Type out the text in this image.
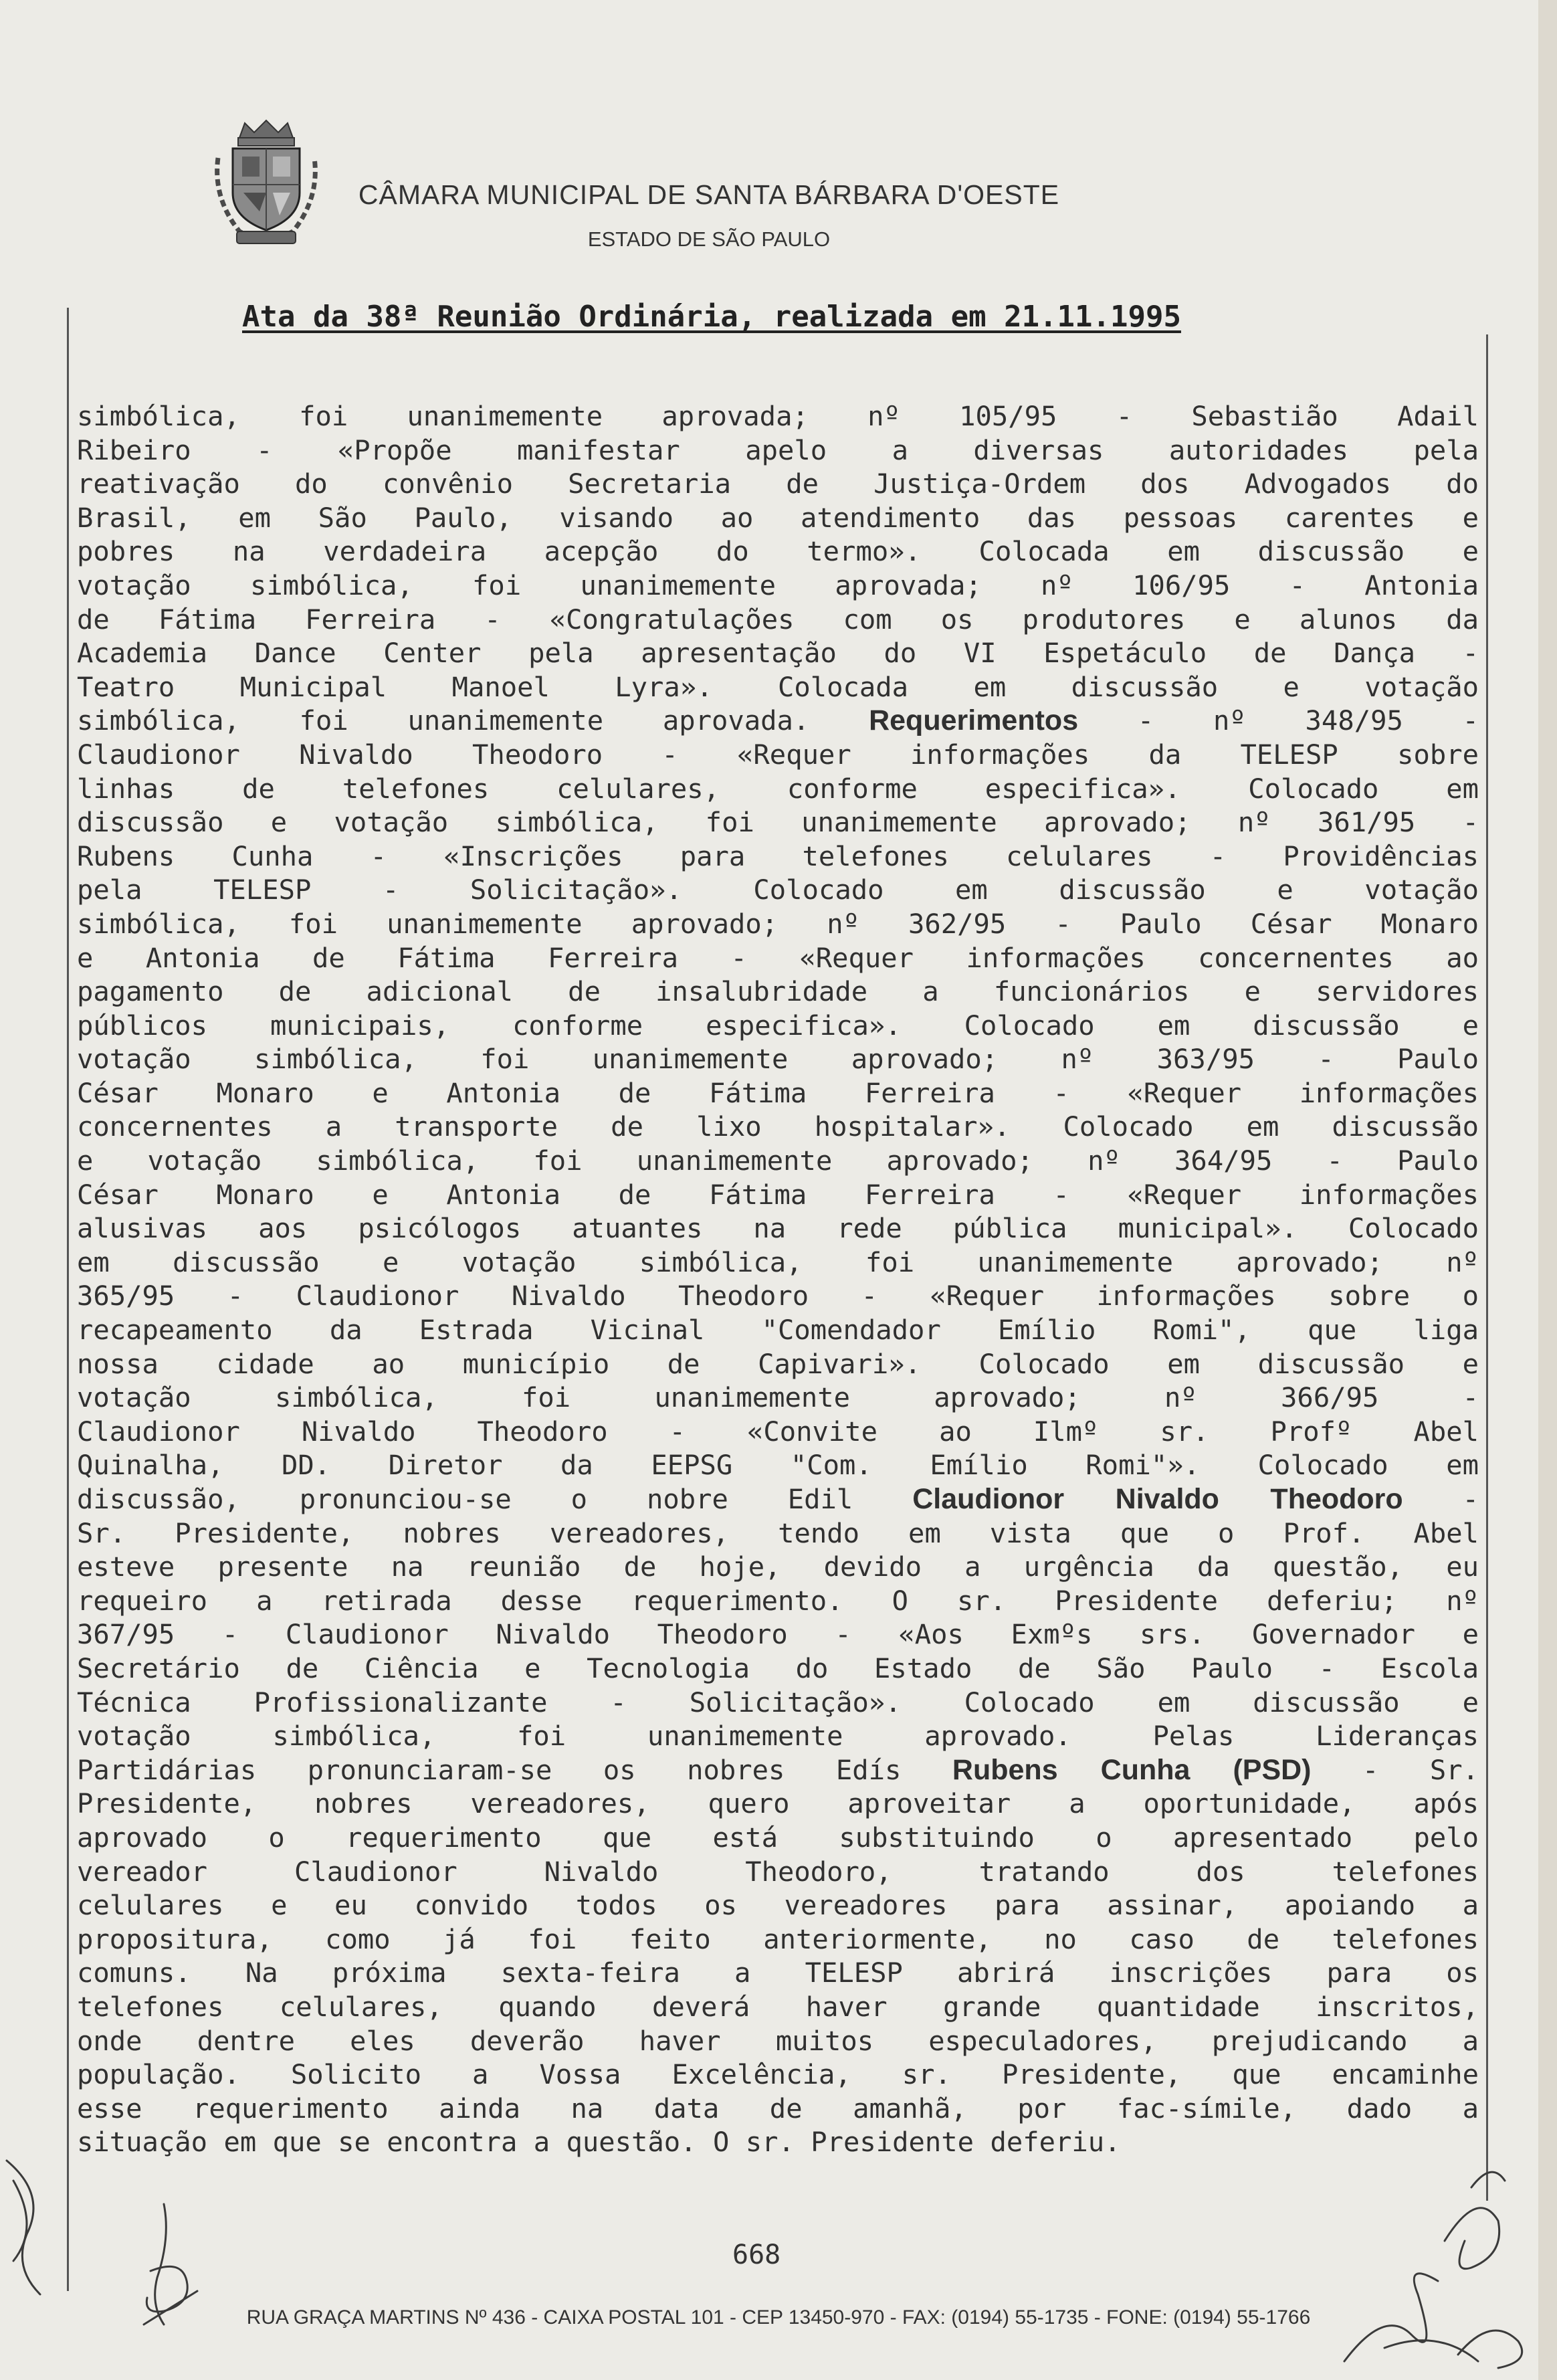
CÂMARA MUNICIPAL DE SANTA BÁRBARA D'OESTE
ESTADO DE SÃO PAULO
Ata da 38ª Reunião Ordinária, realizada em 21.11.1995
simbólica, foi unanimemente aprovada; nº 105/95 - Sebastião Adail
Ribeiro - «Propõe manifestar apelo a diversas autoridades pela
reativação do convênio Secretaria de Justiça-Ordem dos Advogados do
Brasil, em São Paulo, visando ao atendimento das pessoas carentes e
pobres na verdadeira acepção do termo». Colocada em discussão e
votação simbólica, foi unanimemente aprovada; nº 106/95 - Antonia
de Fátima Ferreira - «Congratulações com os produtores e alunos da
Academia Dance Center pela apresentação do VI Espetáculo de Dança -
Teatro Municipal Manoel Lyra». Colocada em discussão e votação
simbólica, foi unanimemente aprovada. Requerimentos - nº 348/95 -
Claudionor Nivaldo Theodoro - «Requer informações da TELESP sobre
linhas de telefones celulares, conforme especifica». Colocado em
discussão e votação simbólica, foi unanimemente aprovado; nº 361/95 -
Rubens Cunha - «Inscrições para telefones celulares - Providências
pela TELESP - Solicitação». Colocado em discussão e votação
simbólica, foi unanimemente aprovado; nº 362/95 - Paulo César Monaro
e Antonia de Fátima Ferreira - «Requer informações concernentes ao
pagamento de adicional de insalubridade a funcionários e servidores
públicos municipais, conforme especifica». Colocado em discussão e
votação simbólica, foi unanimemente aprovado; nº 363/95 - Paulo
César Monaro e Antonia de Fátima Ferreira - «Requer informações
concernentes a transporte de lixo hospitalar». Colocado em discussão
e votação simbólica, foi unanimemente aprovado; nº 364/95 - Paulo
César Monaro e Antonia de Fátima Ferreira - «Requer informações
alusivas aos psicólogos atuantes na rede pública municipal». Colocado
em discussão e votação simbólica, foi unanimemente aprovado; nº
365/95 - Claudionor Nivaldo Theodoro - «Requer informações sobre o
recapeamento da Estrada Vicinal "Comendador Emílio Romi", que liga
nossa cidade ao município de Capivari». Colocado em discussão e
votação simbólica, foi unanimemente aprovado; nº 366/95 -
Claudionor Nivaldo Theodoro - «Convite ao Ilmº sr. Profº Abel
Quinalha, DD. Diretor da EEPSG "Com. Emílio Romi"». Colocado em
discussão, pronunciou-se o nobre Edil Claudionor Nivaldo Theodoro -
Sr. Presidente, nobres vereadores, tendo em vista que o Prof. Abel
esteve presente na reunião de hoje, devido a urgência da questão, eu
requeiro a retirada desse requerimento. O sr. Presidente deferiu; nº
367/95 - Claudionor Nivaldo Theodoro - «Aos Exmºs srs. Governador e
Secretário de Ciência e Tecnologia do Estado de São Paulo - Escola
Técnica Profissionalizante - Solicitação». Colocado em discussão e
votação simbólica, foi unanimemente aprovado. Pelas Lideranças
Partidárias pronunciaram-se os nobres Edís Rubens Cunha (PSD) - Sr.
Presidente, nobres vereadores, quero aproveitar a oportunidade, após
aprovado o requerimento que está substituindo o apresentado pelo
vereador Claudionor Nivaldo Theodoro, tratando dos telefones
celulares e eu convido todos os vereadores para assinar, apoiando a
propositura, como já foi feito anteriormente, no caso de telefones
comuns. Na próxima sexta-feira a TELESP abrirá inscrições para os
telefones celulares, quando deverá haver grande quantidade inscritos,
onde dentre eles deverão haver muitos especuladores, prejudicando a
população. Solicito a Vossa Excelência, sr. Presidente, que encaminhe
esse requerimento ainda na data de amanhã, por fac-símile, dado a
situação em que se encontra a questão. O sr. Presidente deferiu.
668
RUA GRAÇA MARTINS Nº 436 - CAIXA POSTAL 101 - CEP 13450-970 - FAX: (0194) 55-1735 - FONE: (0194) 55-1766
